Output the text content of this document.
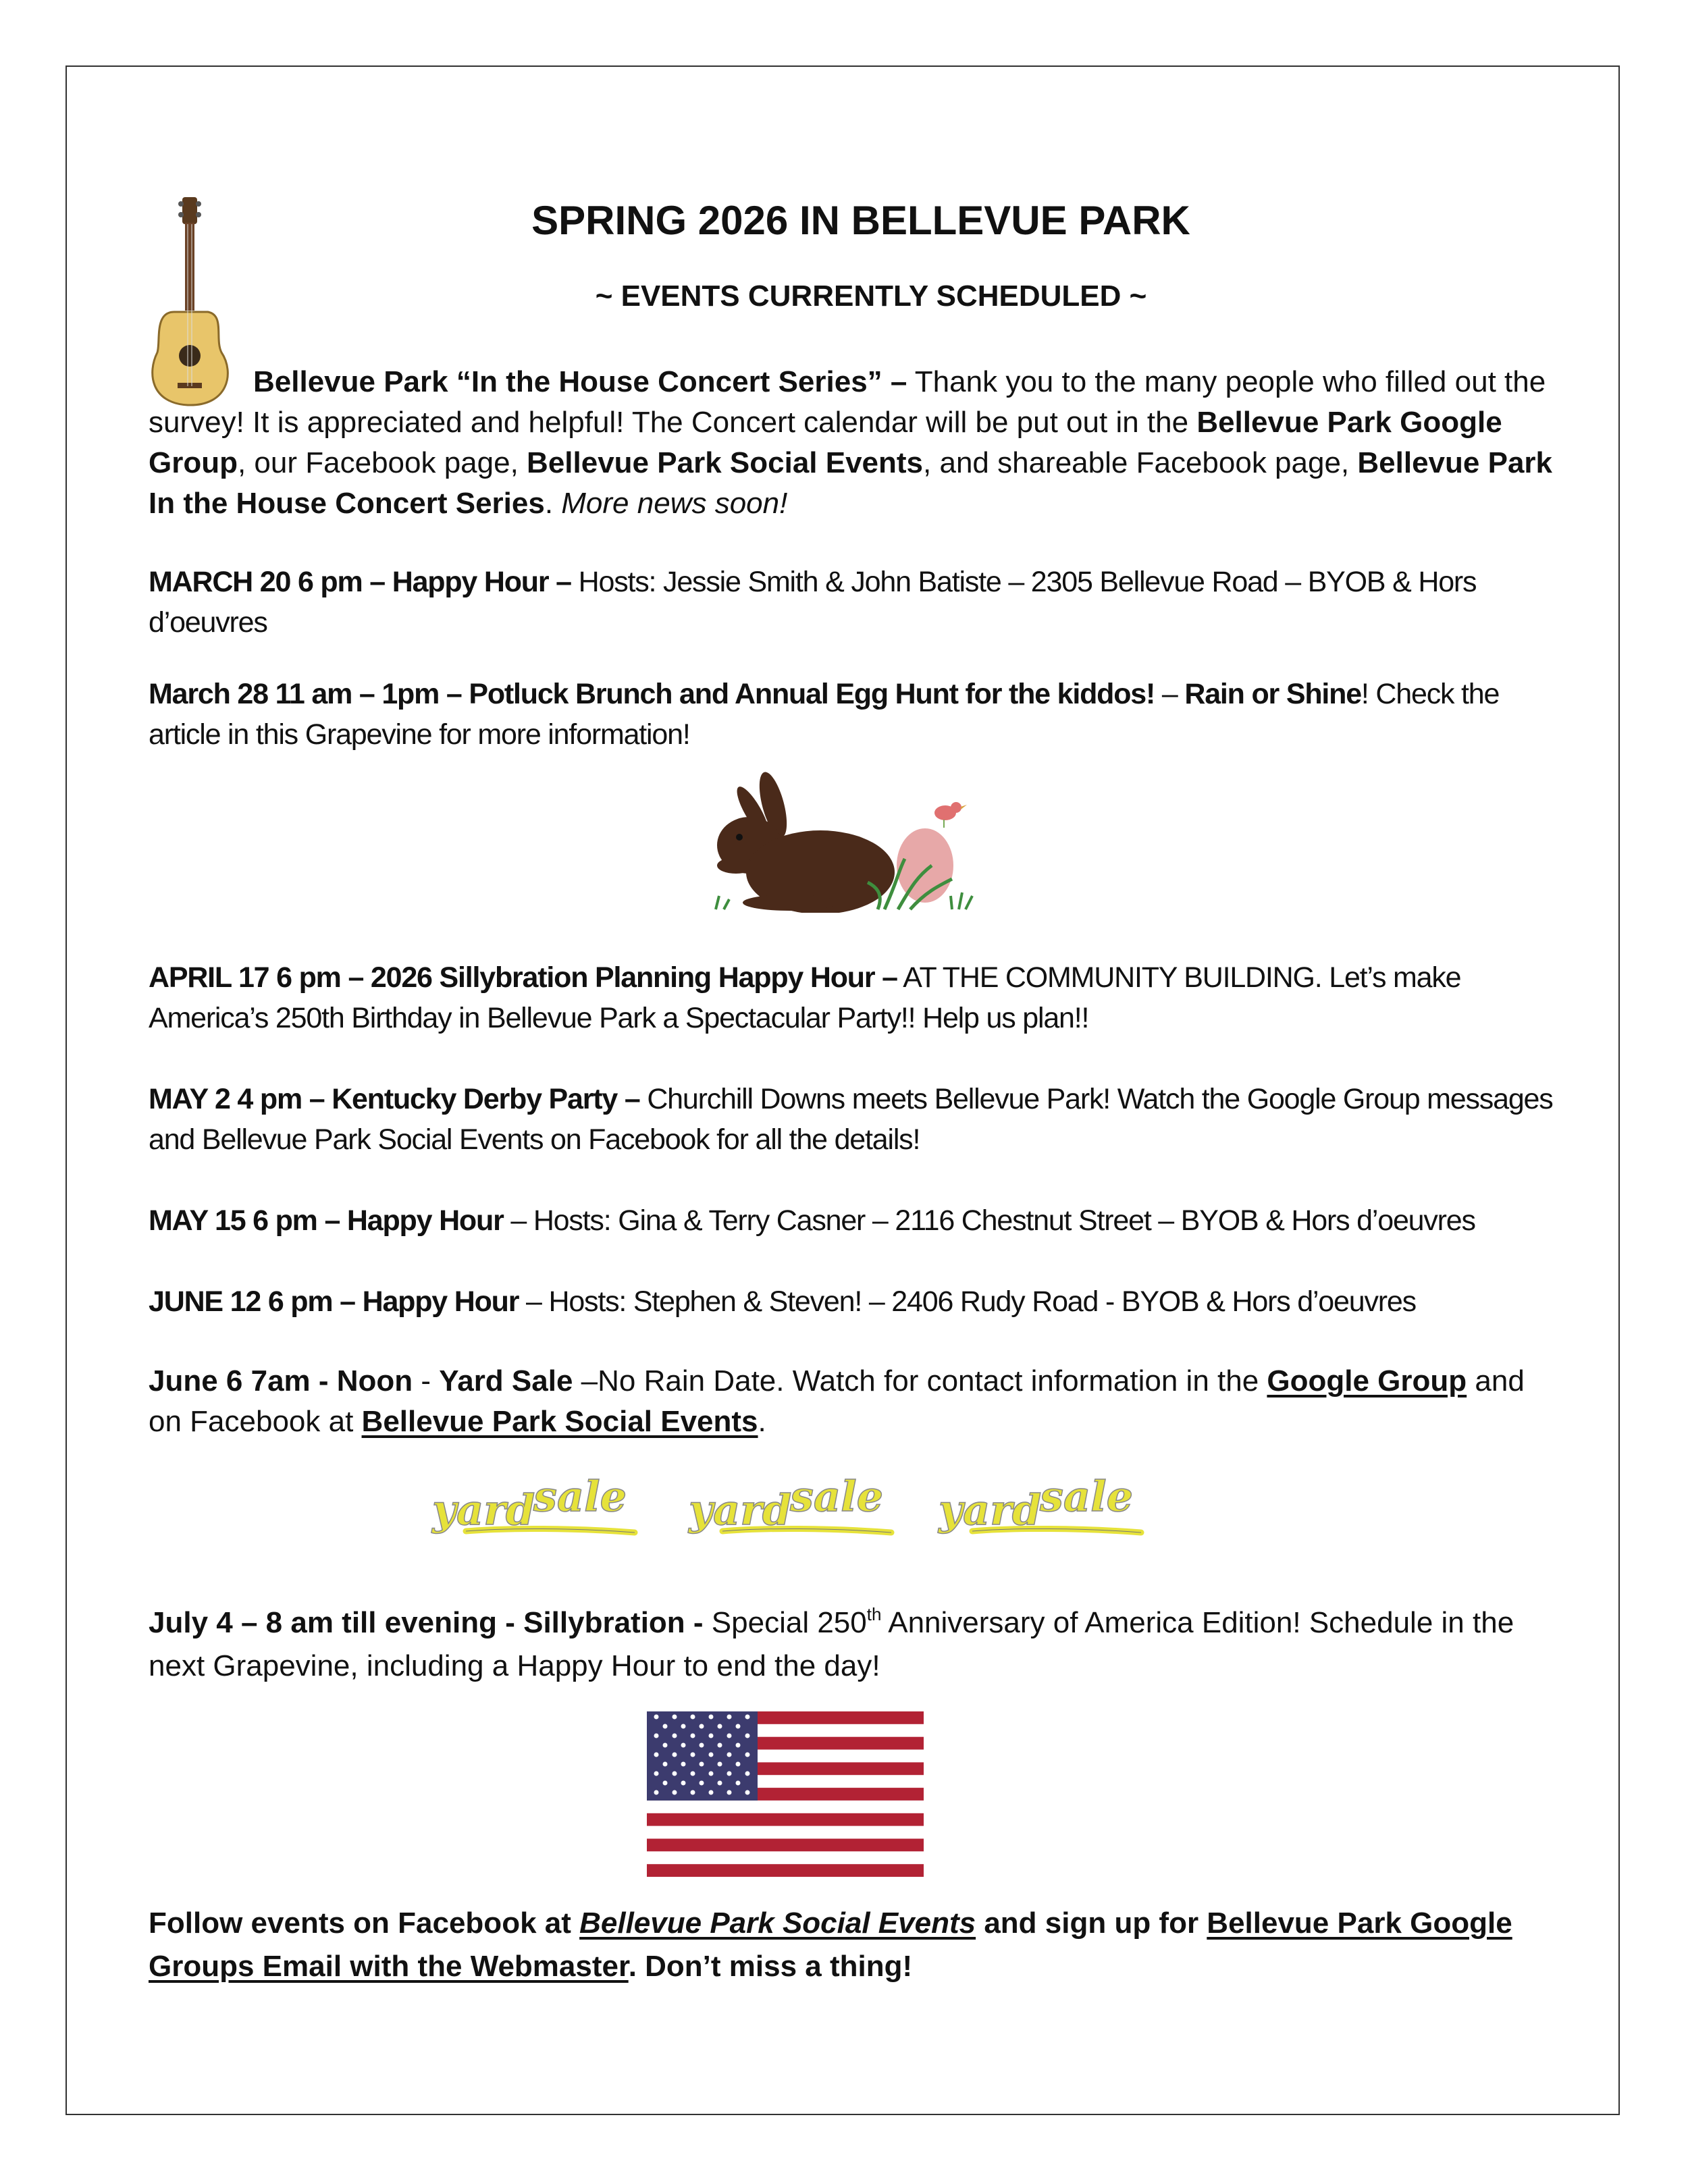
SPRING 2026 IN BELLEVUE PARK
~ EVENTS CURRENTLY SCHEDULED ~
Bellevue Park “In the House Concert Series” – Thank you to the many people who filled out the survey! It is appreciated and helpful! The Concert calendar will be put out in the Bellevue Park Google Group, our Facebook page, Bellevue Park Social Events, and shareable Facebook page, Bellevue Park In the House Concert Series. More news soon!
MARCH 20 6 pm – Happy Hour – Hosts: Jessie Smith & John Batiste – 2305 Bellevue Road – BYOB & Hors d’oeuvres
March 28 11 am – 1pm – Potluck Brunch and Annual Egg Hunt for the kiddos! – Rain or Shine! Check the article in this Grapevine for more information!
APRIL 17 6 pm – 2026 Sillybration Planning Happy Hour – AT THE COMMUNITY BUILDING. Let’s make America’s 250th Birthday in Bellevue Park a Spectacular Party!! Help us plan!!
MAY 2 4 pm – Kentucky Derby Party – Churchill Downs meets Bellevue Park! Watch the Google Group messages and Bellevue Park Social Events on Facebook for all the details!
MAY 15 6 pm – Happy Hour – Hosts: Gina & Terry Casner – 2116 Chestnut Street – BYOB & Hors d’oeuvres
JUNE 12 6 pm – Happy Hour – Hosts: Stephen & Steven! – 2406 Rudy Road - BYOB & Hors d’oeuvres
June 6 7am - Noon - Yard Sale –No Rain Date. Watch for contact information in the Google Group and on Facebook at Bellevue Park Social Events.
yard
sale yard
sale yard
sale
July 4 – 8 am till evening - Sillybration - Special 250th Anniversary of America Edition! Schedule in the next Grapevine, including a Happy Hour to end the day!
Follow events on Facebook at Bellevue Park Social Events and sign up for Bellevue Park Google Groups Email with the Webmaster. Don’t miss a thing!
